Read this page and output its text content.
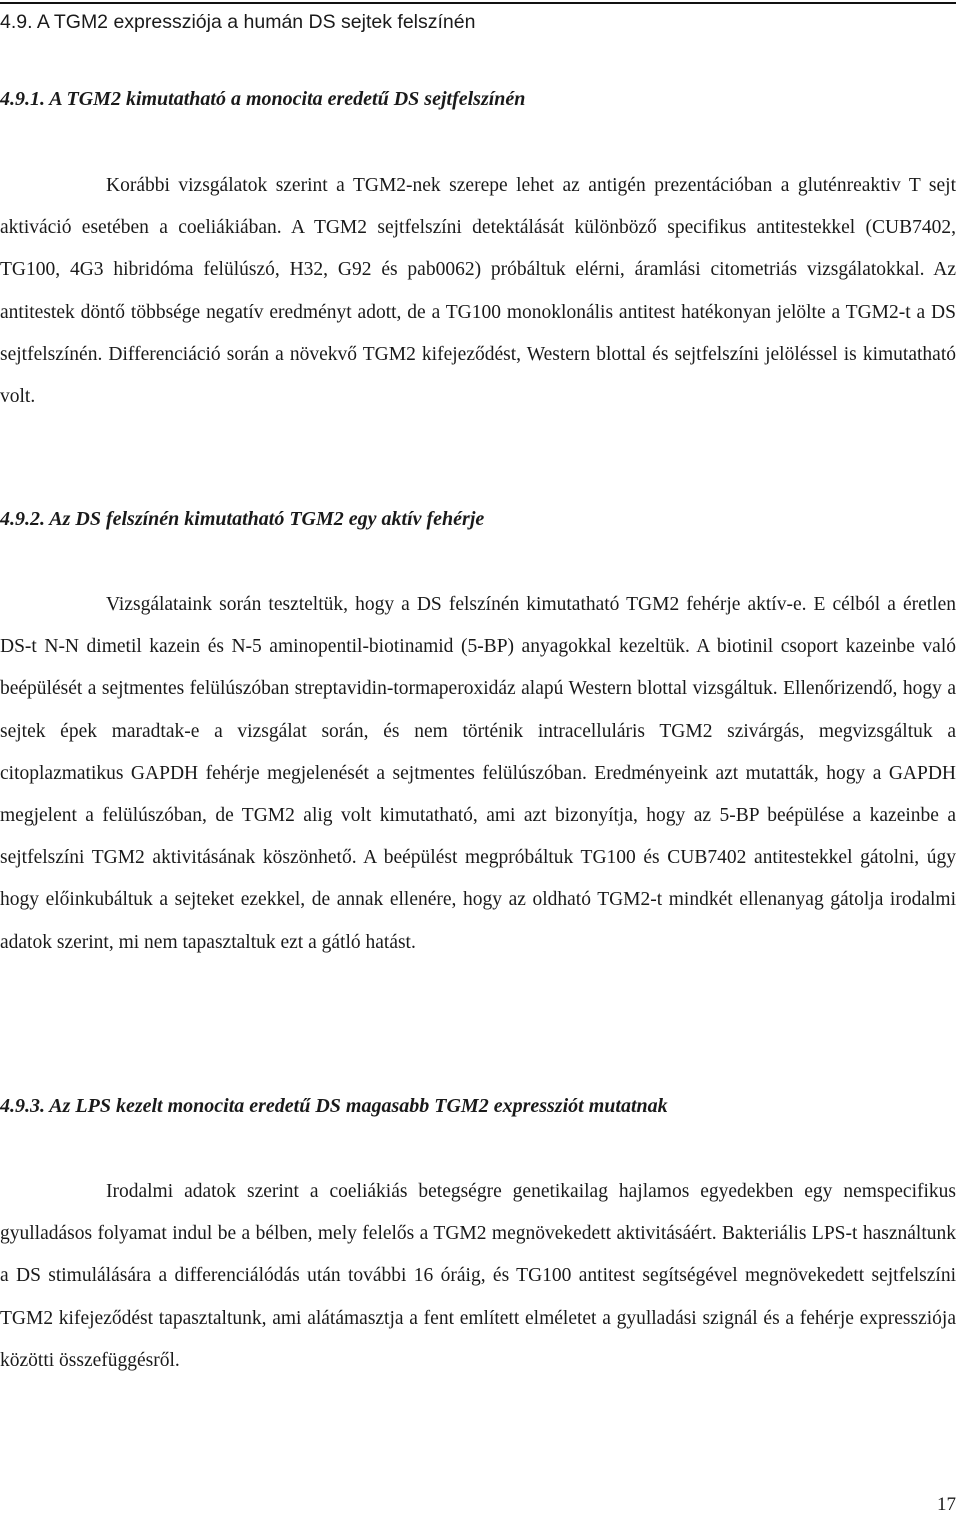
4.9. A TGM2 expressziója a humán DS sejtek felszínén
4.9.1. A TGM2 kimutatható a monocita eredetű DS sejtfelszínén

Korábbi vizsgálatok szerint a TGM2-nek szerepe lehet az antigén prezentációban a gluténreaktiv T sejt aktiváció esetében a coeliákiában. A TGM2 sejtfelszíni detektálását különböző specifikus antitestekkel (CUB7402, TG100, 4G3 hibridóma felülúszó, H32, G92 és pab0062) próbáltuk elérni, áramlási citometriás vizsgálatokkal. Az antitestek döntő többsége negatív eredményt adott, de a TG100 monoklonális antitest hatékonyan jelölte a TGM2-t a DS sejtfelszínén. Differenciáció során a növekvő TGM2 kifejeződést, Western blottal és sejtfelszíni jelöléssel is kimutatható volt.

4.9.2. Az DS felszínén kimutatható TGM2 egy aktív fehérje

Vizsgálataink során teszteltük, hogy a DS felszínén kimutatható TGM2 fehérje aktív-e. E célból a éretlen DS-t N-N dimetil kazein és N-5 aminopentil-biotinamid (5-BP) anyagokkal kezeltük. A biotinil csoport kazeinbe való beépülését a sejtmentes felülúszóban streptavidin-tormaperoxidáz alapú Western blottal vizsgáltuk. Ellenőrizendő, hogy a sejtek épek maradtak-e a vizsgálat során, és nem történik intracelluláris TGM2 szivárgás, megvizsgáltuk a citoplazmatikus GAPDH fehérje megjelenését a sejtmentes felülúszóban. Eredményeink azt mutatták, hogy a GAPDH megjelent a felülúszóban, de TGM2 alig volt kimutatható, ami azt bizonyítja, hogy az 5-BP beépülése a kazeinbe a sejtfelszíni TGM2 aktivitásának köszönhető. A beépülést megpróbáltuk TG100 és CUB7402 antitestekkel gátolni, úgy hogy előinkubáltuk a sejteket ezekkel, de annak ellenére, hogy az oldható TGM2-t mindkét ellenanyag gátolja irodalmi adatok szerint, mi nem tapasztaltuk ezt a gátló hatást.

4.9.3. Az LPS kezelt monocita eredetű DS magasabb TGM2 expressziót mutatnak

Irodalmi adatok szerint a coeliákiás betegségre genetikailag hajlamos egyedekben egy nemspecifikus gyulladásos folyamat indul be a bélben, mely felelős a TGM2 megnövekedett aktivitásáért. Bakteriális LPS-t használtunk a DS stimulálására a differenciálódás után további 16 óráig, és TG100 antitest segítségével megnövekedett sejtfelszíni TGM2 kifejeződést tapasztaltunk, ami alátámasztja a fent említett elméletet a gyulladási szignál és a fehérje expressziója közötti összefüggésről.

17
